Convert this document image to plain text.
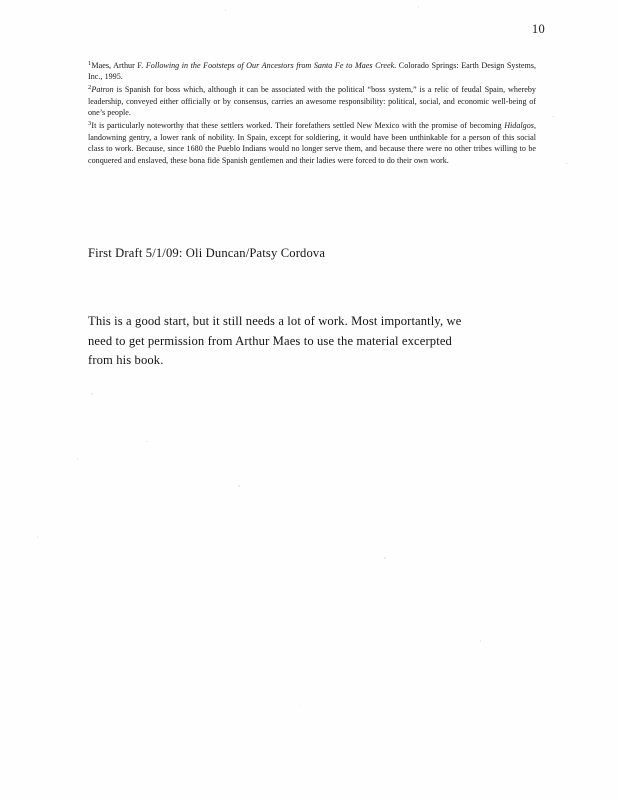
10

$^1$Maes, Arthur F. Following in the Footsteps of Our Ancestors from Santa Fe to Maes Creek. Colorado Springs: Earth Design Systems, Inc., 1995.

$^2$Patron is Spanish for boss which, although it can be associated with the political “boss system,” is a relic of feudal Spain, whereby leadership, conveyed either officially or by consensus, carries an awesome responsibility: political, social, and economic well-being of one’s people.

$^3$It is particularly noteworthy that these settlers worked. Their forefathers settled New Mexico with the promise of becoming Hidalgos, landowning gentry, a lower rank of nobility. In Spain, except for soldiering, it would have been unthinkable for a person of this social class to work. Because, since 1680 the Pueblo Indians would no longer serve them, and because there were no other tribes willing to be conquered and enslaved, these bona fide Spanish gentlemen and their ladies were forced to do their own work.

First Draft 5/1/09: Oli Duncan/Patsy Cordova
This is a good start, but it still needs a lot of work. Most importantly, we need to get permission from Arthur Maes to use the material excerpted from his book.
